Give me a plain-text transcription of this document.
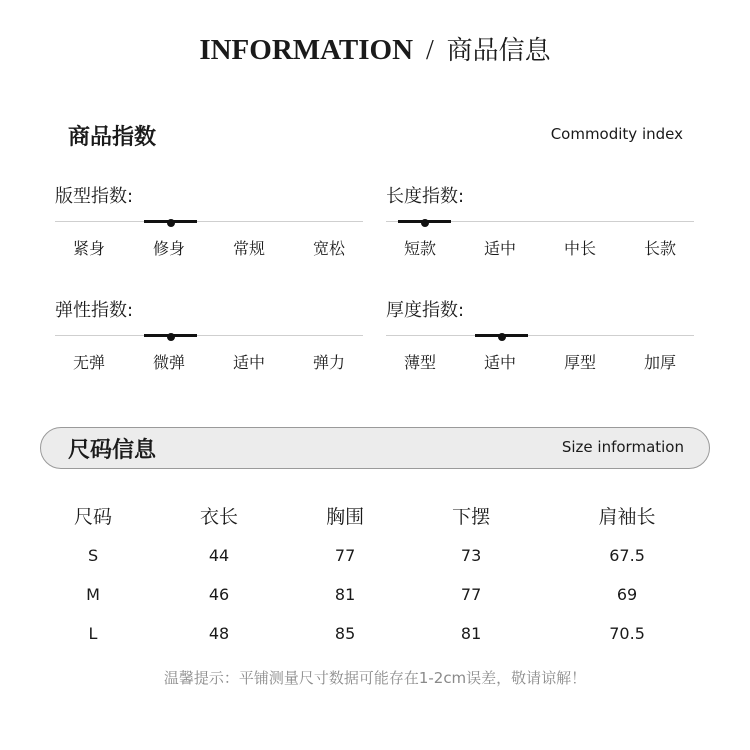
INFORMATION / 商品信息
商品指数	Commodity index
版型指数:
紧身	修身	常规	宽松
长度指数:
短款	适中	中长	长款
弹性指数:
无弹	微弹	适中	弹力
厚度指数:
薄型	适中	厚型	加厚
尺码信息	Size information
尺码	衣长	胸围	下摆	肩袖长
S	44	77	73	67.5
M	46	81	77	69
L	48	85	81	70.5
温馨提示：平铺测量尺寸数据可能存在1-2cm误差，敬请谅解！
